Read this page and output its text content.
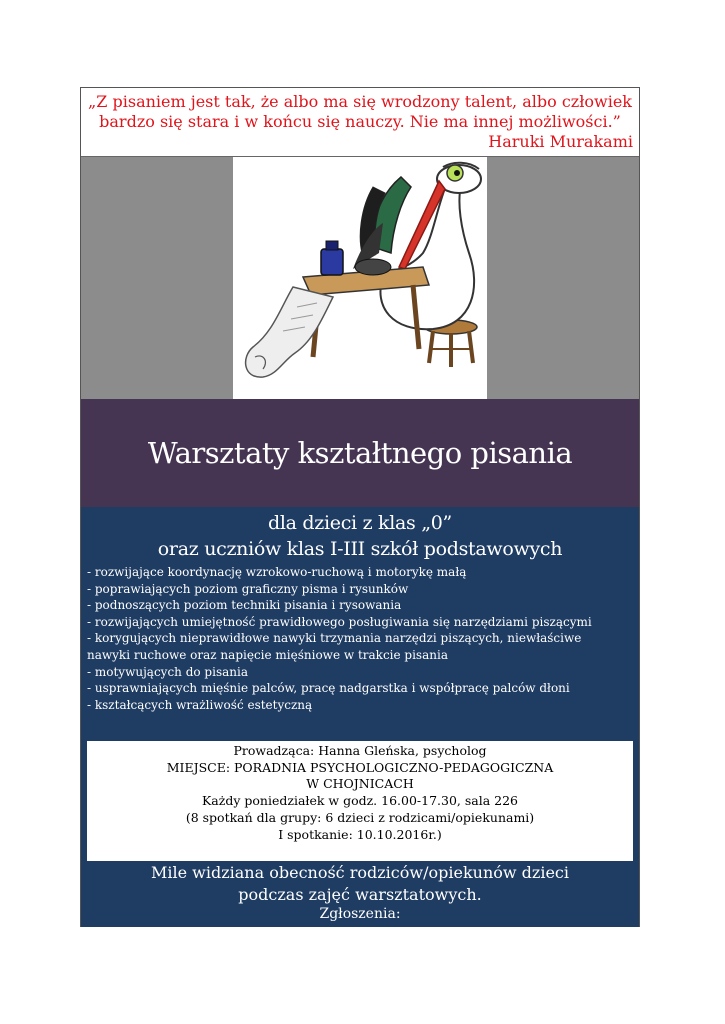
„Z pisaniem jest tak, że albo ma się wrodzony talent, albo człowiek
bardzo się stara i w końcu się nauczy. Nie ma innej możliwości.”
Haruki Murakami
Warsztaty kształtnego pisania
dla dzieci z klas „0”
oraz uczniów klas I-III szkół podstawowych
- rozwijające koordynację wzrokowo-ruchową i motorykę małą
- poprawiających poziom graficzny pisma i rysunków
- podnoszących poziom techniki pisania i rysowania
- rozwijających umiejętność prawidłowego posługiwania się narzędziami piszącymi
- korygujących nieprawidłowe nawyki trzymania narzędzi piszących, niewłaściwe
nawyki ruchowe oraz napięcie mięśniowe w trakcie pisania
- motywujących do pisania
- usprawniających mięśnie palców, pracę nadgarstka i współpracę palców dłoni
- kształcących wrażliwość estetyczną
Prowadząca: Hanna Gleńska, psycholog
MIEJSCE: PORADNIA PSYCHOLOGICZNO-PEDAGOGICZNA
W CHOJNICACH
Każdy poniedziałek w godz. 16.00-17.30, sala 226
(8 spotkań dla grupy: 6 dzieci z rodzicami/opiekunami)
I spotkanie: 10.10.2016r.)
Mile widziana obecność rodziców/opiekunów dzieci
podczas zajęć warsztatowych.
Zgłoszenia:
Tel.: 52 33 44 460, e-mail: pppchojnice@op.pl
